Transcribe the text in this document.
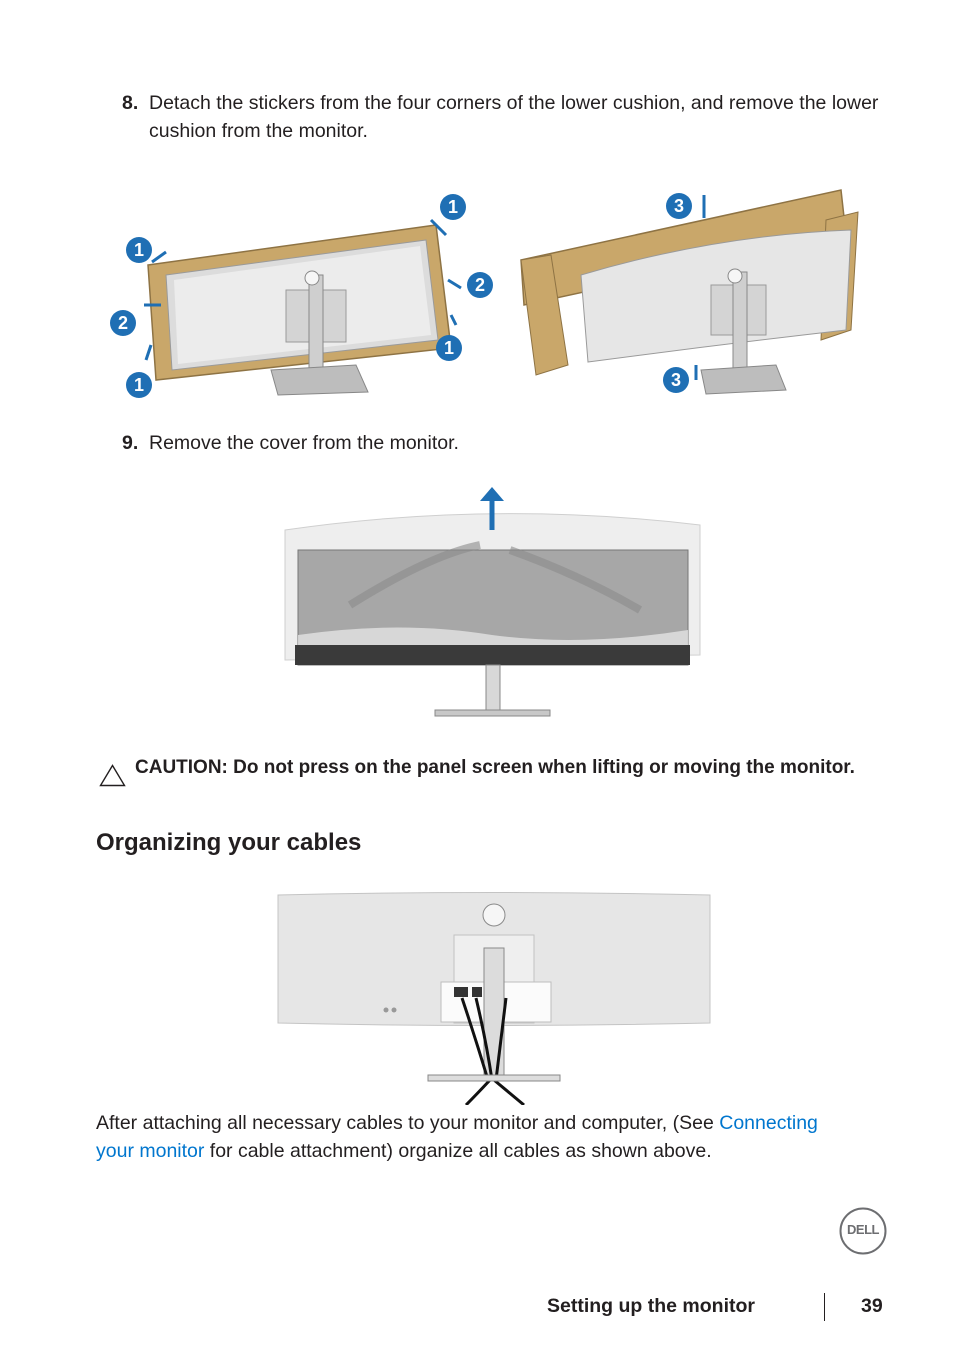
8. Detach the stickers from the four corners of the lower cushion, and remove the lower cushion from the monitor.
1
1
1
1
2
2
3
3
9. Remove the cover from the monitor.
CAUTION: Do not press on the panel screen when lifting or moving the monitor.
Organizing your cables
After attaching all necessary cables to your monitor and computer, (See Connecting your monitor for cable attachment) organize all cables as shown above.
DELL
Setting up the monitor	39
